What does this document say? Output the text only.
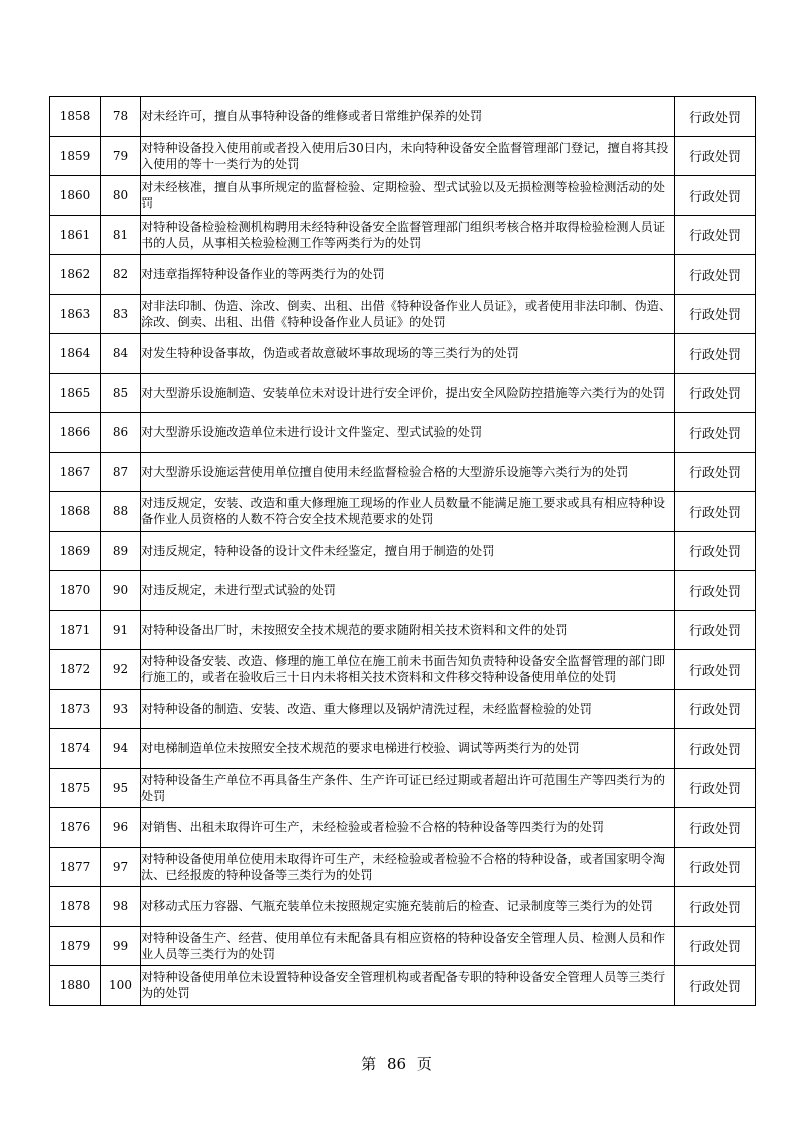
1858	78	对未经许可，擅自从事特种设备的维修或者日常维护保养的处罚	行政处罚
1859	79	对特种设备投入使用前或者投入使用后30日内，未向特种设备安全监督管理部门登记，擅自将其投入使用的等十一类行为的处罚	行政处罚
1860	80	对未经核准，擅自从事所规定的监督检验、定期检验、型式试验以及无损检测等检验检测活动的处罚	行政处罚
1861	81	对特种设备检验检测机构聘用未经特种设备安全监督管理部门组织考核合格并取得检验检测人员证书的人员，从事相关检验检测工作等两类行为的处罚	行政处罚
1862	82	对违章指挥特种设备作业的等两类行为的处罚	行政处罚
1863	83	对非法印制、伪造、涂改、倒卖、出租、出借《特种设备作业人员证》，或者使用非法印制、伪造、涂改、倒卖、出租、出借《特种设备作业人员证》的处罚	行政处罚
1864	84	对发生特种设备事故，伪造或者故意破坏事故现场的等三类行为的处罚	行政处罚
1865	85	对大型游乐设施制造、安装单位未对设计进行安全评价，提出安全风险防控措施等六类行为的处罚	行政处罚
1866	86	对大型游乐设施改造单位未进行设计文件鉴定、型式试验的处罚	行政处罚
1867	87	对大型游乐设施运营使用单位擅自使用未经监督检验合格的大型游乐设施等六类行为的处罚	行政处罚
1868	88	对违反规定，安装、改造和重大修理施工现场的作业人员数量不能满足施工要求或具有相应特种设备作业人员资格的人数不符合安全技术规范要求的处罚	行政处罚
1869	89	对违反规定，特种设备的设计文件未经鉴定，擅自用于制造的处罚	行政处罚
1870	90	对违反规定，未进行型式试验的处罚	行政处罚
1871	91	对特种设备出厂时，未按照安全技术规范的要求随附相关技术资料和文件的处罚	行政处罚
1872	92	对特种设备安装、改造、修理的施工单位在施工前未书面告知负责特种设备安全监督管理的部门即行施工的，或者在验收后三十日内未将相关技术资料和文件移交特种设备使用单位的处罚	行政处罚
1873	93	对特种设备的制造、安装、改造、重大修理以及锅炉清洗过程，未经监督检验的处罚	行政处罚
1874	94	对电梯制造单位未按照安全技术规范的要求电梯进行校验、调试等两类行为的处罚	行政处罚
1875	95	对特种设备生产单位不再具备生产条件、生产许可证已经过期或者超出许可范围生产等四类行为的处罚	行政处罚
1876	96	对销售、出租未取得许可生产，未经检验或者检验不合格的特种设备等四类行为的处罚	行政处罚
1877	97	对特种设备使用单位使用未取得许可生产，未经检验或者检验不合格的特种设备，或者国家明令淘汰、已经报废的特种设备等三类行为的处罚	行政处罚
1878	98	对移动式压力容器、气瓶充装单位未按照规定实施充装前后的检查、记录制度等三类行为的处罚	行政处罚
1879	99	对特种设备生产、经营、使用单位有未配备具有相应资格的特种设备安全管理人员、检测人员和作业人员等三类行为的处罚	行政处罚
1880	100	对特种设备使用单位未设置特种设备安全管理机构或者配备专职的特种设备安全管理人员等三类行为的处罚	行政处罚
第 86 页
